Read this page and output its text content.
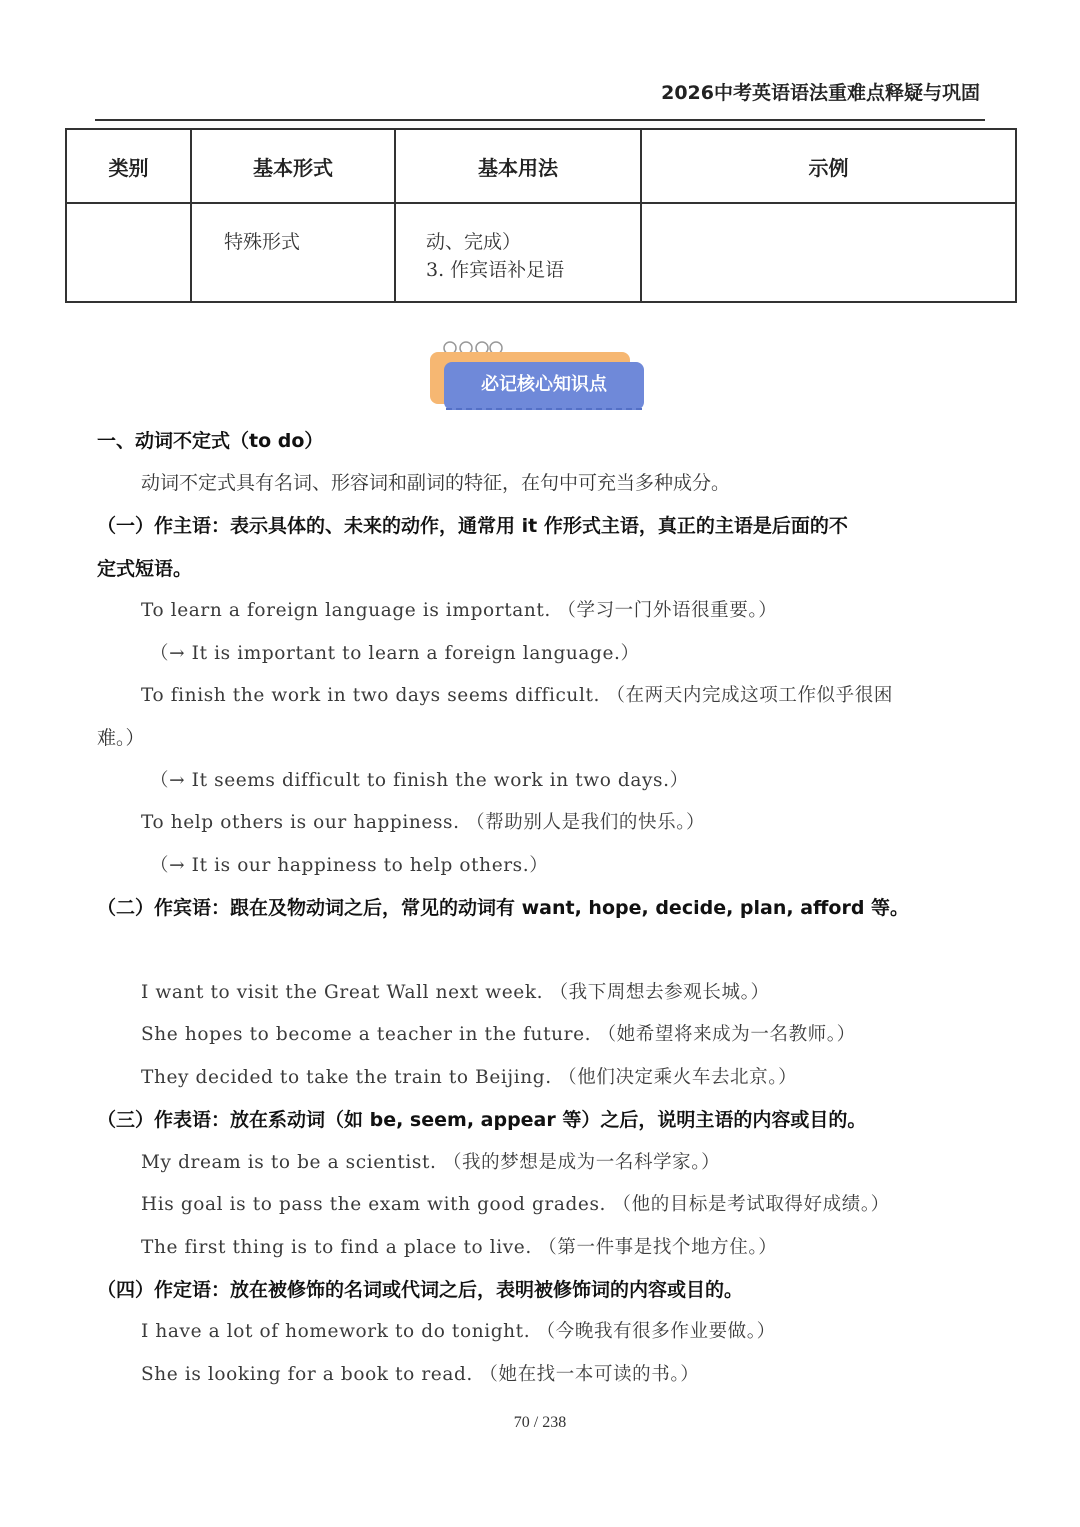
2026中考英语语法重难点释疑与巩固
类别	基本形式	基本用法	示例
	特殊形式	动、完成）
3. 作宾语补足语	

必记核心知识点
一、动词不定式（to do）
动词不定式具有名词、形容词和副词的特征，在句中可充当多种成分。
（一）作主语：表示具体的、未来的动作，通常用 it 作形式主语，真正的主语是后面的不
定式短语。
To learn a foreign language is important. （学习一门外语很重要。）
（→ It is important to learn a foreign language.）
To finish the work in two days seems difficult. （在两天内完成这项工作似乎很困
难。）
（→ It seems difficult to finish the work in two days.）
To help others is our happiness. （帮助别人是我们的快乐。）
（→ It is our happiness to help others.）
（二）作宾语：跟在及物动词之后，常见的动词有 want, hope, decide, plan, afford 等。
I want to visit the Great Wall next week. （我下周想去参观长城。）
She hopes to become a teacher in the future. （她希望将来成为一名教师。）
They decided to take the train to Beijing. （他们决定乘火车去北京。）
（三）作表语：放在系动词（如 be, seem, appear 等）之后，说明主语的内容或目的。
My dream is to be a scientist. （我的梦想是成为一名科学家。）
His goal is to pass the exam with good grades. （他的目标是考试取得好成绩。）
The first thing is to find a place to live. （第一件事是找个地方住。）
（四）作定语：放在被修饰的名词或代词之后，表明被修饰词的内容或目的。
I have a lot of homework to do tonight. （今晚我有很多作业要做。）
She is looking for a book to read. （她在找一本可读的书。）
70 / 238
